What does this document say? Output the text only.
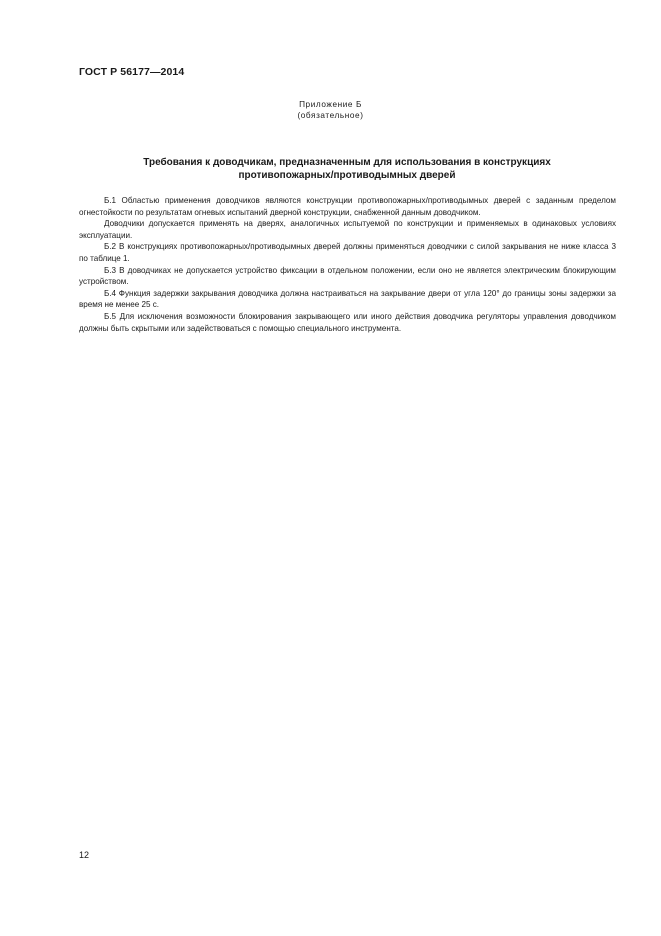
ГОСТ Р 56177—2014
Приложение Б
(обязательное)
Требования к доводчикам, предназначенным для использования в конструкциях
противопожарных/противодымных дверей

Б.1 Областью применения доводчиков являются конструкции противопожарных/противодымных дверей с заданным пределом огнестойкости по результатам огневых испытаний дверной конструкции, снабженной данным доводчиком.

Доводчики допускается применять на дверях, аналогичных испытуемой по конструкции и применяемых в одинаковых условиях эксплуатации.

Б.2 В конструкциях противопожарных/противодымных дверей должны применяться доводчики с силой закрывания не ниже класса 3 по таблице 1.

Б.3 В доводчиках не допускается устройство фиксации в отдельном положении, если оно не является электрическим блокирующим устройством.

Б.4 Функция задержки закрывания доводчика должна настраиваться на закрывание двери от угла 120° до границы зоны задержки за время не менее 25 с.

Б.5 Для исключения возможности блокирования закрывающего или иного действия доводчика регуляторы управления доводчиком должны быть скрытыми или задействоваться с помощью специального инструмента.

12
